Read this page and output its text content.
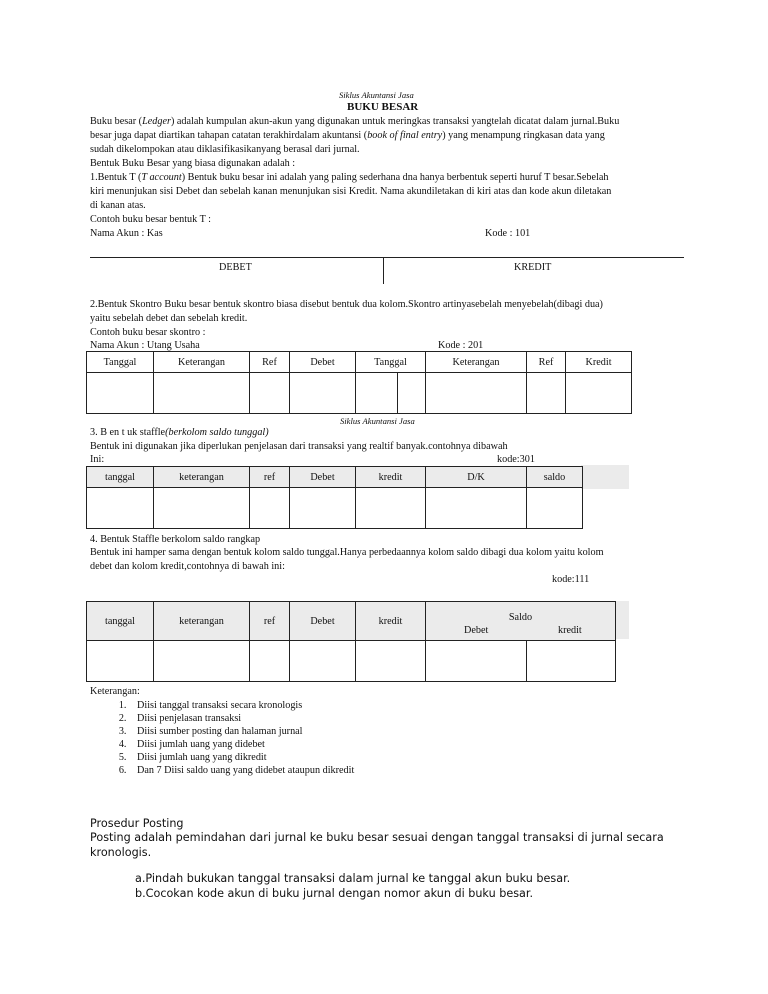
Siklus Akuntansi Jasa
BUKU BESAR
Buku besar (Ledger) adalah kumpulan akun-akun yang digunakan untuk meringkas transaksi yangtelah dicatat dalam jurnal.Buku
besar juga dapat diartikan tahapan catatan terakhirdalam akuntansi (book of final entry) yang menampung ringkasan data yang
sudah dikelompokan atau diklasifikasikanyang berasal dari jurnal.
Bentuk Buku Besar yang biasa digunakan adalah :
1.Bentuk T (T account) Bentuk buku besar ini adalah yang paling sederhana dna hanya berbentuk seperti huruf T besar.Sebelah
kiri menunjukan sisi Debet dan sebelah kanan menunjukan sisi Kredit. Nama akundiletakan di kiri atas dan kode akun diletakan
di kanan atas.
Contoh buku besar bentuk T :
Nama Akun : Kas	Kode : 101
DEBET	KREDIT
2.Bentuk Skontro Buku besar bentuk skontro biasa disebut bentuk dua kolom.Skontro artinyasebelah menyebelah(dibagi dua)
yaitu sebelah debet dan sebelah kredit.
Contoh buku besar skontro :
Nama Akun : Utang Usaha	Kode : 201
Tanggal	Keterangan	Ref	Debet	Tanggal		Keterangan	Ref	Kredit

Siklus Akuntansi Jasa
3. B en t uk staffle(berkolom saldo tunggal)
Bentuk ini digunakan jika diperlukan penjelasan dari transaksi yang realtif banyak.contohnya dibawah
Ini:	kode:301
tanggal	keterangan	ref	Debet	kredit	D/K	saldo

4. Bentuk Staffle berkolom saldo rangkap
Bentuk ini hamper sama dengan bentuk kolom saldo tunggal.Hanya perbedaannya kolom saldo dibagi dua kolom yaitu kolom
debet dan kolom kredit,contohnya di bawah ini:
kode:111
tanggal	keterangan	ref	Debet	kredit	Saldo
Debet kredit	

Keterangan:
1. Diisi tanggal transaksi secara kronologis
2. Diisi penjelasan transaksi
3. Diisi sumber posting dan halaman jurnal
4. Diisi jumlah uang yang didebet
5. Diisi jumlah uang yang dikredit
6. Dan 7 Diisi saldo uang yang didebet ataupun dikredit
Prosedur Posting
Posting adalah pemindahan dari jurnal ke buku besar sesuai dengan tanggal transaksi di jurnal secara
kronologis.
a.Pindah bukukan tanggal transaksi dalam jurnal ke tanggal akun buku besar.
b.Cocokan kode akun di buku jurnal dengan nomor akun di buku besar.
